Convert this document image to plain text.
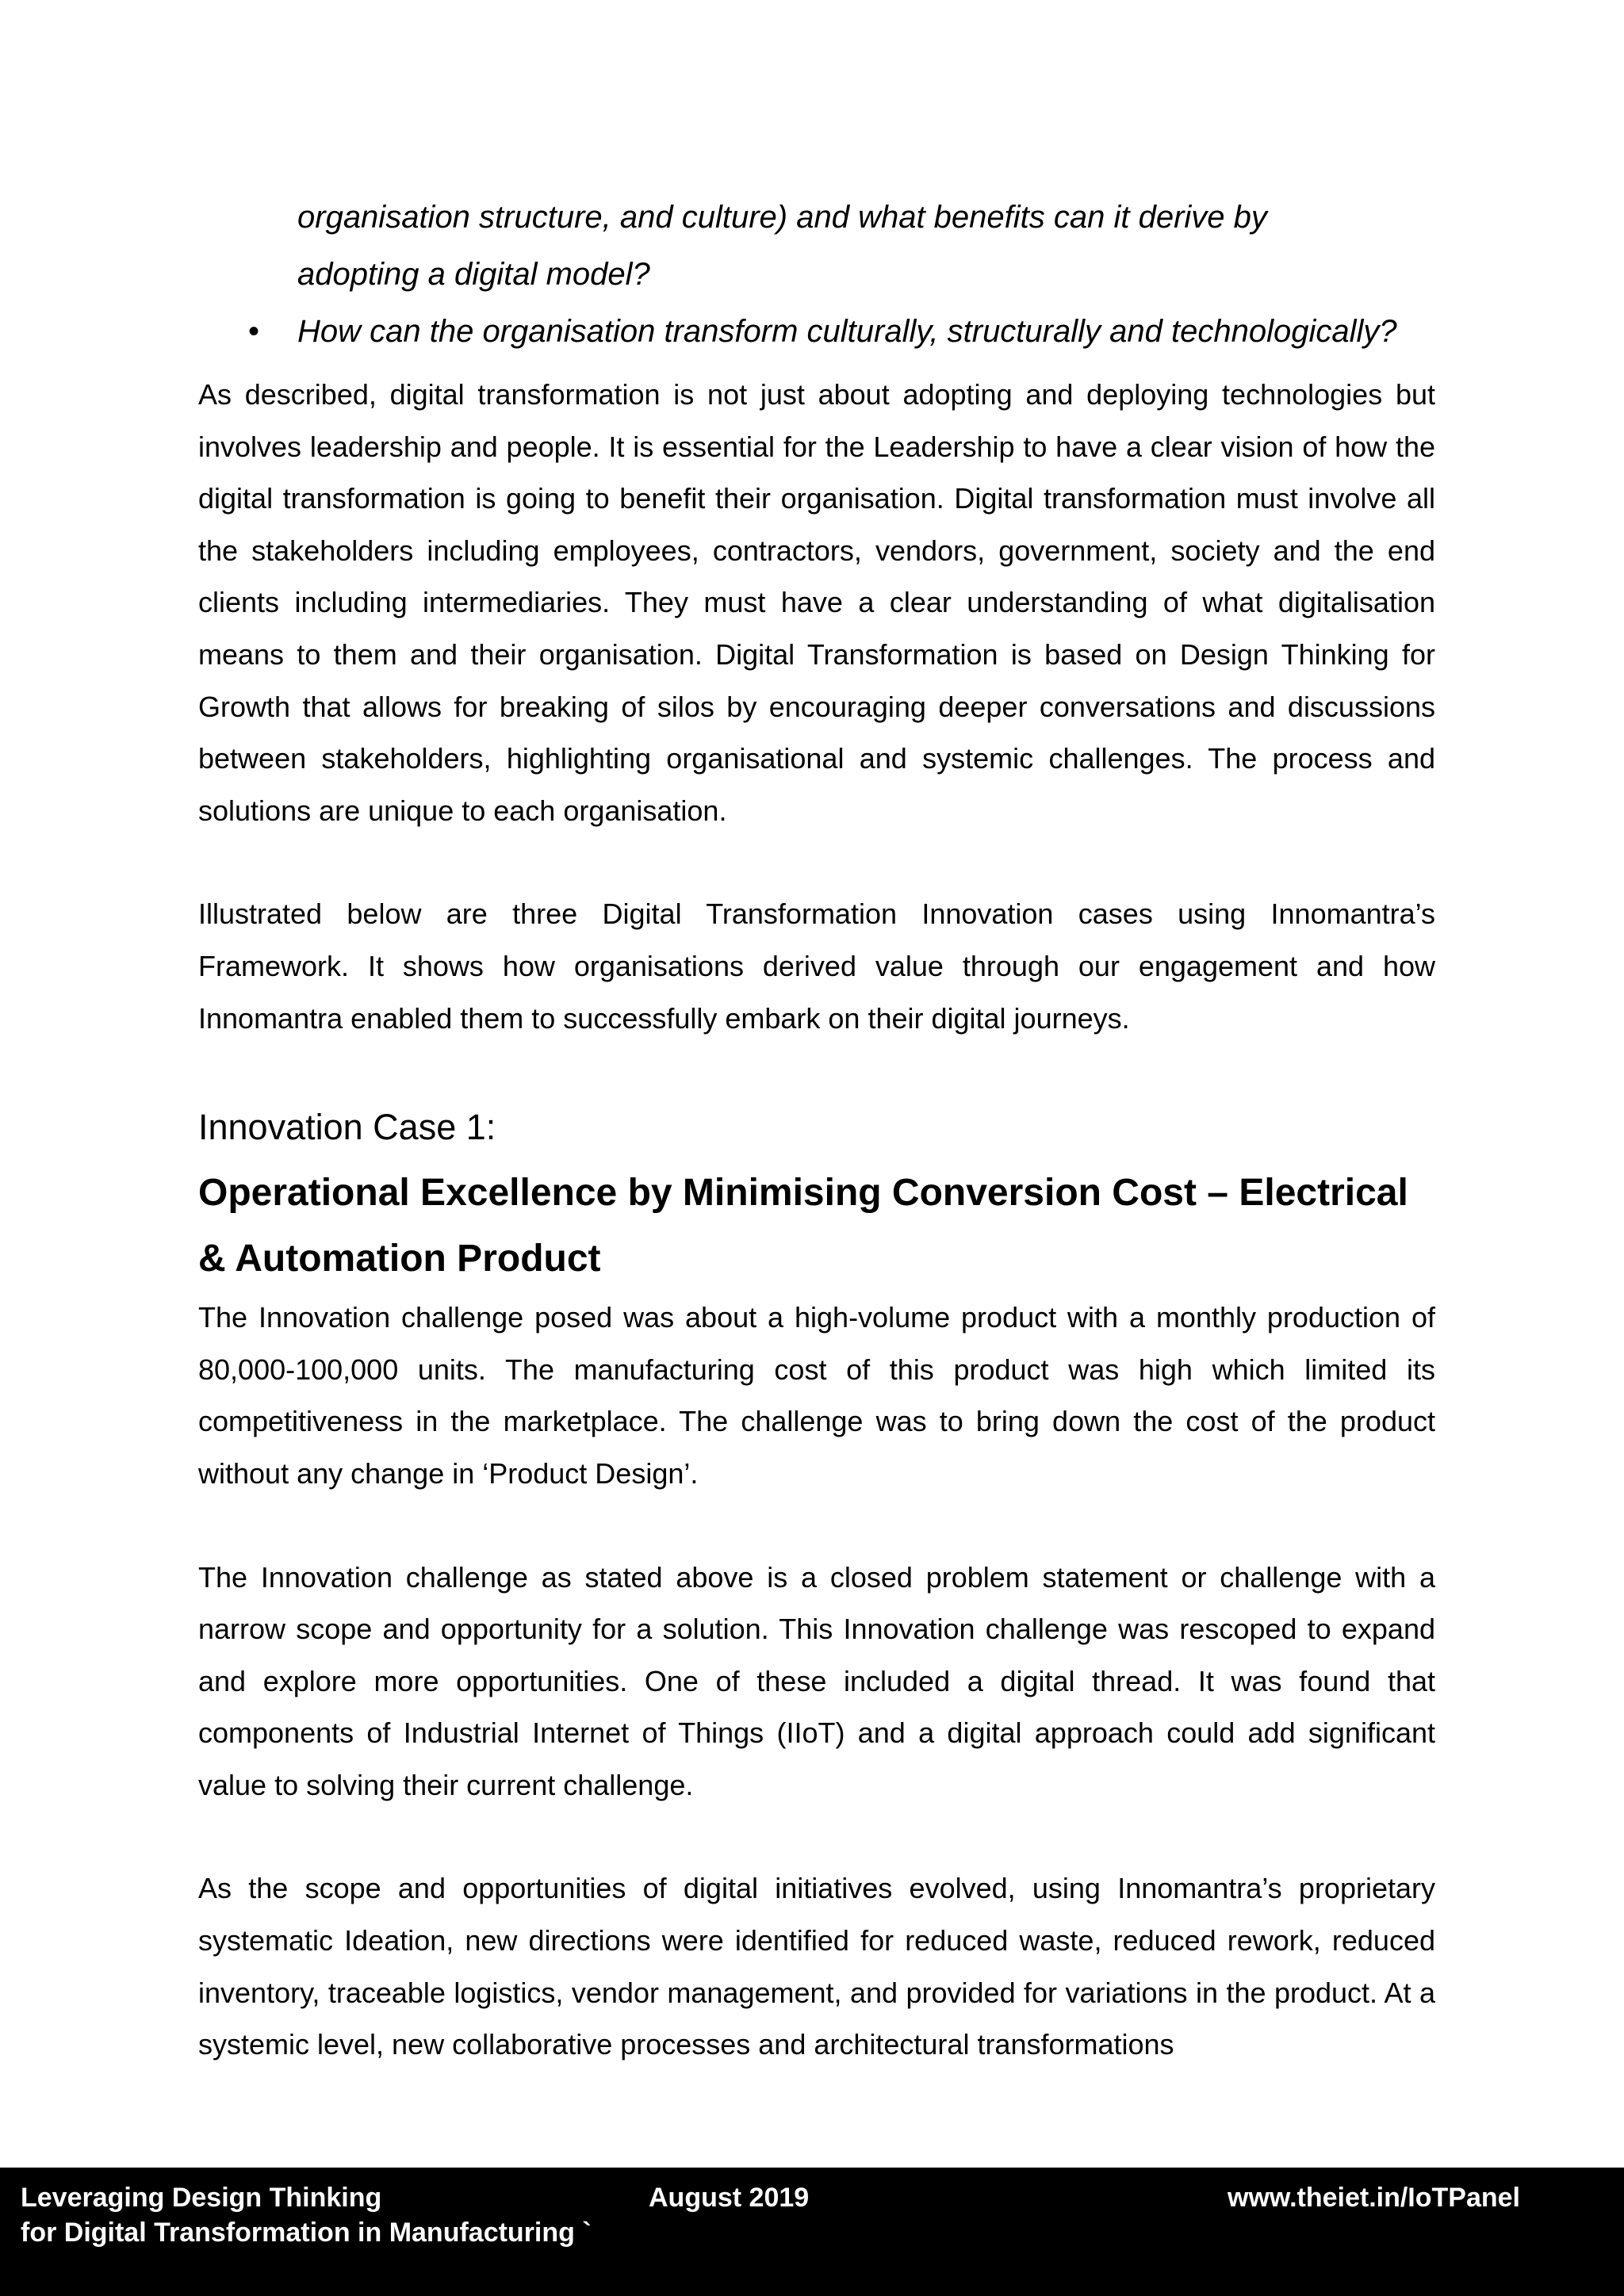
organisation structure, and culture) and what benefits can it derive by
adopting a digital model?
• How can the organisation transform culturally, structurally and technologically?

As described, digital transformation is not just about adopting and deploying technologies but involves leadership and people. It is essential for the Leadership to have a clear vision of how the digital transformation is going to benefit their organisation. Digital transformation must involve all the stakeholders including employees, contractors, vendors, government, society and the end clients including intermediaries. They must have a clear understanding of what digitalisation means to them and their organisation. Digital Transformation is based on Design Thinking for Growth that allows for breaking of silos by encouraging deeper conversations and discussions between stakeholders, highlighting organisational and systemic challenges. The process and solutions are unique to each organisation.

Illustrated below are three Digital Transformation Innovation cases using Innomantra’s Framework. It shows how organisations derived value through our engagement and how Innomantra enabled them to successfully embark on their digital journeys.

Innovation Case 1:
Operational Excellence by Minimising Conversion Cost – Electrical & Automation Product

The Innovation challenge posed was about a high-volume product with a monthly production of 80,000-100,000 units. The manufacturing cost of this product was high which limited its competitiveness in the marketplace. The challenge was to bring down the cost of the product without any change in ‘Product Design’.

The Innovation challenge as stated above is a closed problem statement or challenge with a narrow scope and opportunity for a solution. This Innovation challenge was rescoped to expand and explore more opportunities. One of these included a digital thread. It was found that components of Industrial Internet of Things (IIoT) and a digital approach could add significant value to solving their current challenge.

As the scope and opportunities of digital initiatives evolved, using Innomantra’s proprietary systematic Ideation, new directions were identified for reduced waste, reduced rework, reduced inventory, traceable logistics, vendor management, and provided for variations in the product. At a systemic level, new collaborative processes and architectural transformations

Leveraging Design Thinking
for Digital Transformation in Manufacturing `
August 2019	www.theiet.in/IoTPanel
